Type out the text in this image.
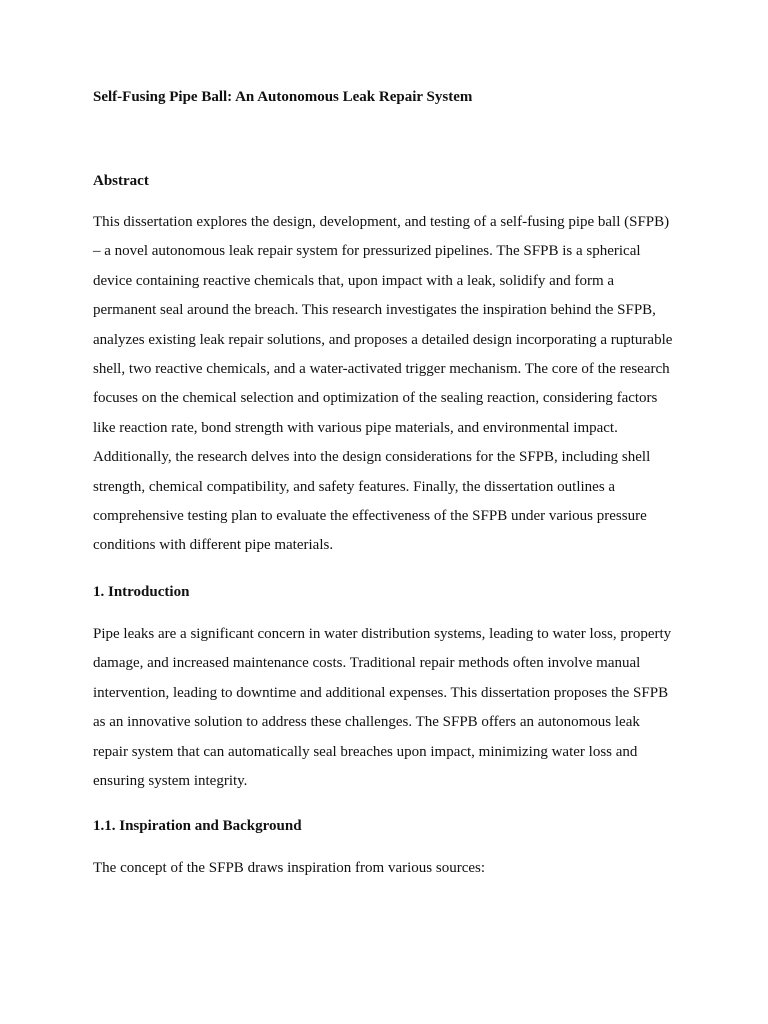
Self-Fusing Pipe Ball: An Autonomous Leak Repair System
Abstract

This dissertation explores the design, development, and testing of a self-fusing pipe ball (SFPB) – a novel autonomous leak repair system for pressurized pipelines. The SFPB is a spherical device containing reactive chemicals that, upon impact with a leak, solidify and form a permanent seal around the breach. This research investigates the inspiration behind the SFPB, analyzes existing leak repair solutions, and proposes a detailed design incorporating a rupturable shell, two reactive chemicals, and a water-activated trigger mechanism. The core of the research focuses on the chemical selection and optimization of the sealing reaction, considering factors like reaction rate, bond strength with various pipe materials, and environmental impact. Additionally, the research delves into the design considerations for the SFPB, including shell strength, chemical compatibility, and safety features. Finally, the dissertation outlines a comprehensive testing plan to evaluate the effectiveness of the SFPB under various pressure conditions with different pipe materials.

1. Introduction

Pipe leaks are a significant concern in water distribution systems, leading to water loss, property damage, and increased maintenance costs. Traditional repair methods often involve manual intervention, leading to downtime and additional expenses. This dissertation proposes the SFPB as an innovative solution to address these challenges. The SFPB offers an autonomous leak repair system that can automatically seal breaches upon impact, minimizing water loss and ensuring system integrity.

1.1. Inspiration and Background

The concept of the SFPB draws inspiration from various sources:
